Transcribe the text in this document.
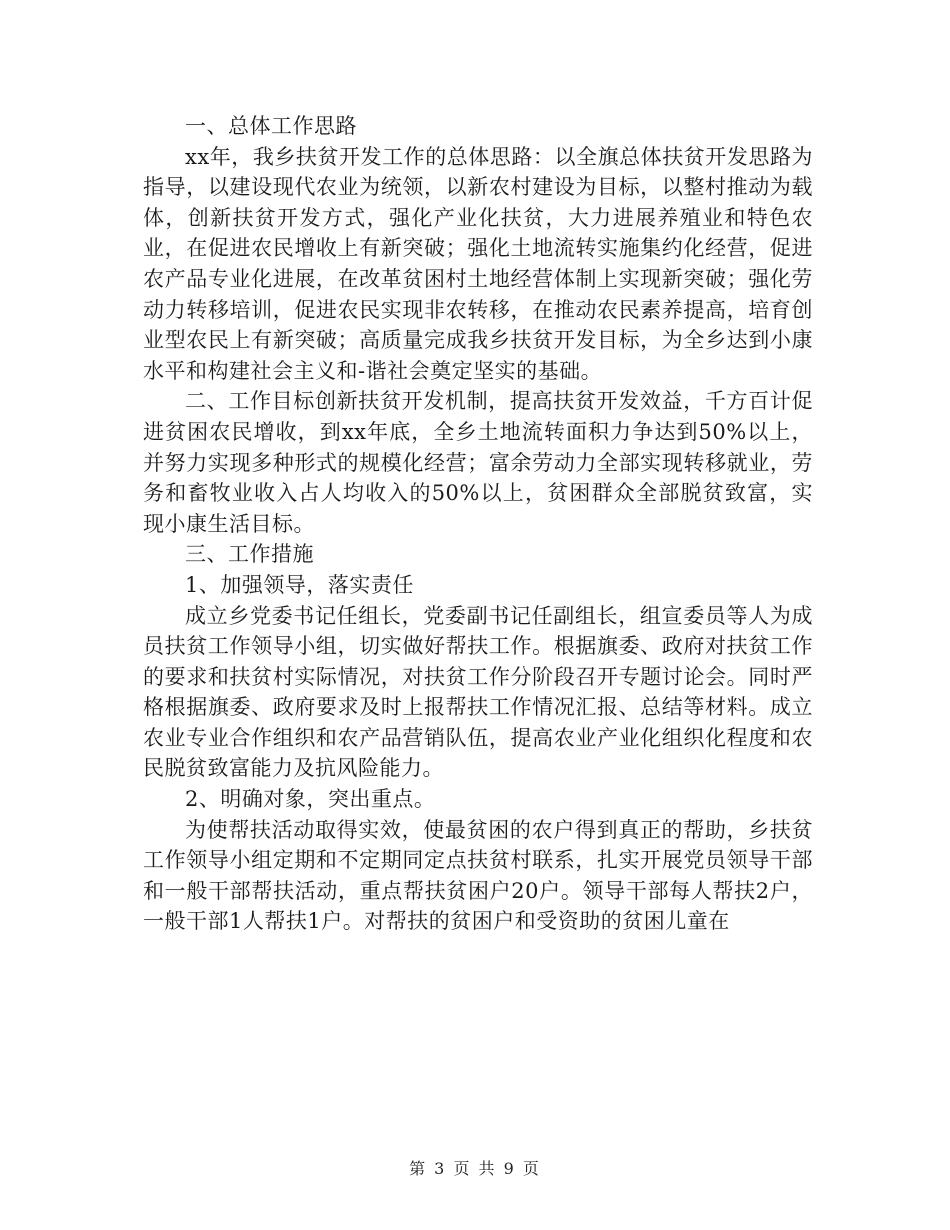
一、总体工作思路

xx年，我乡扶贫开发工作的总体思路：以全旗总体扶贫开发思路为指导，以建设现代农业为统领，以新农村建设为目标，以整村推动为载体，创新扶贫开发方式，强化产业化扶贫，大力进展养殖业和特色农业，在促进农民增收上有新突破；强化土地流转实施集约化经营，促进农产品专业化进展，在改革贫困村土地经营体制上实现新突破；强化劳动力转移培训，促进农民实现非农转移，在推动农民素养提高，培育创业型农民上有新突破；高质量完成我乡扶贫开发目标，为全乡达到小康水平和构建社会主义和-谐社会奠定坚实的基础。

二、工作目标创新扶贫开发机制，提高扶贫开发效益，千方百计促进贫困农民增收，到xx年底，全乡土地流转面积力争达到50%以上，并努力实现多种形式的规模化经营；富余劳动力全部实现转移就业，劳务和畜牧业收入占人均收入的50%以上，贫困群众全部脱贫致富，实现小康生活目标。

三、工作措施

1、加强领导，落实责任

成立乡党委书记任组长，党委副书记任副组长，组宣委员等人为成员扶贫工作领导小组，切实做好帮扶工作。根据旗委、政府对扶贫工作的要求和扶贫村实际情况，对扶贫工作分阶段召开专题讨论会。同时严格根据旗委、政府要求及时上报帮扶工作情况汇报、总结等材料。成立农业专业合作组织和农产品营销队伍，提高农业产业化组织化程度和农民脱贫致富能力及抗风险能力。

2、明确对象，突出重点。

为使帮扶活动取得实效，使最贫困的农户得到真正的帮助，乡扶贫工作领导小组定期和不定期同定点扶贫村联系，扎实开展党员领导干部和一般干部帮扶活动，重点帮扶贫困户20户。领导干部每人帮扶2户，一般干部1人帮扶1户。对帮扶的贫困户和受资助的贫困儿童在

第 3 页 共 9 页
